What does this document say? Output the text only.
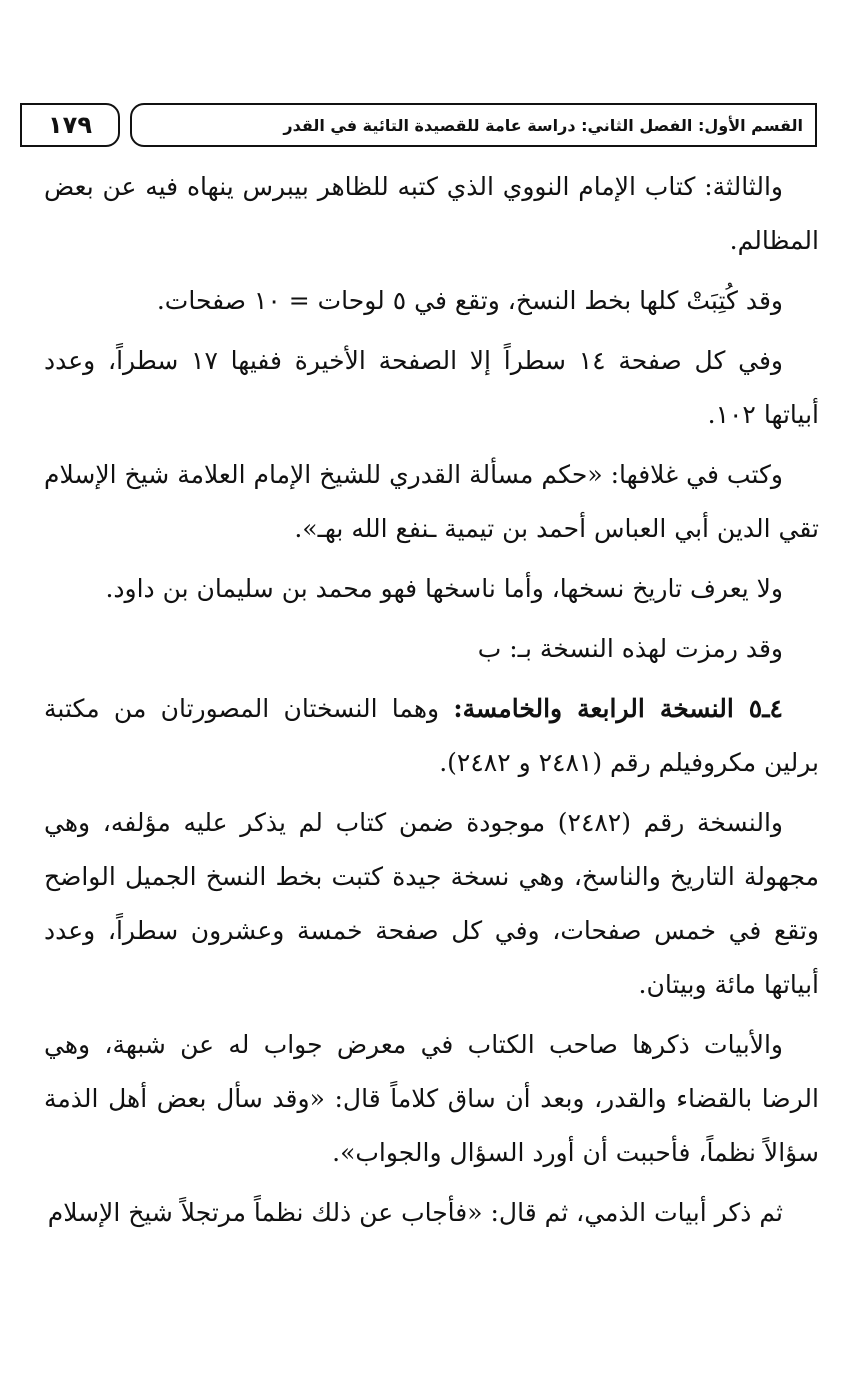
١٧٩	القسم الأول: الفصل الثاني: دراسة عامة للقصيدة التائية في القدر

والثالثة: كتاب الإمام النووي الذي كتبه للظاهر بيبرس ينهاه فيه عن بعض المظالم.

وقد كُتِبَتْ كلها بخط النسخ، وتقع في ٥ لوحات = ١٠ صفحات.

وفي كل صفحة ١٤ سطراً إلا الصفحة الأخيرة ففيها ١٧ سطراً، وعدد أبياتها ١٠٢.

وكتب في غلافها: «حكم مسألة القدري للشيخ الإمام العلامة شيخ الإسلام تقي الدين أبي العباس أحمد بن تيمية ـنفع الله بهـ».

ولا يعرف تاريخ نسخها، وأما ناسخها فهو محمد بن سليمان بن داود.

وقد رمزت لهذه النسخة بـ: ب

٤ـ٥ النسخة الرابعة والخامسة: وهما النسختان المصورتان من مكتبة برلين مكروفيلم رقم (٢٤٨١ و ٢٤٨٢).

والنسخة رقم (٢٤٨٢) موجودة ضمن كتاب لم يذكر عليه مؤلفه، وهي مجهولة التاريخ والناسخ، وهي نسخة جيدة كتبت بخط النسخ الجميل الواضح وتقع في خمس صفحات، وفي كل صفحة خمسة وعشرون سطراً، وعدد أبياتها مائة وبيتان.

والأبيات ذكرها صاحب الكتاب في معرض جواب له عن شبهة، وهي الرضا بالقضاء والقدر، وبعد أن ساق كلاماً قال: «وقد سأل بعض أهل الذمة سؤالاً نظماً، فأحببت أن أورد السؤال والجواب».

ثم ذكر أبيات الذمي، ثم قال: «فأجاب عن ذلك نظماً مرتجلاً شيخ الإسلام
